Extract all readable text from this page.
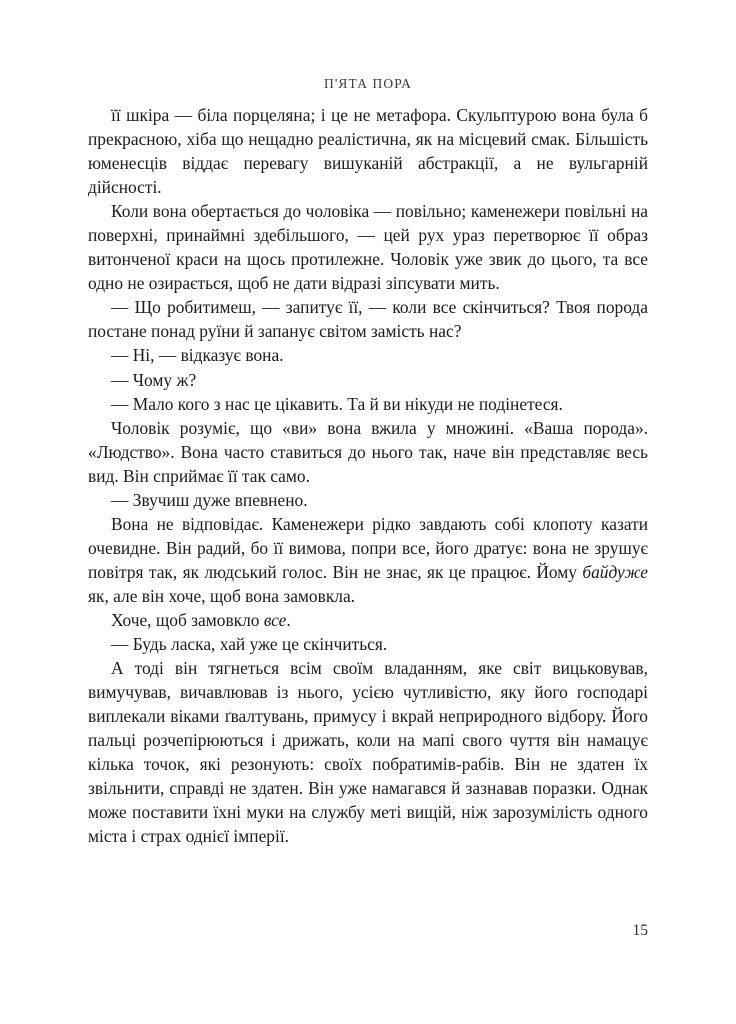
П'ЯТА ПОРА

її шкіра — біла порцеляна; і це не метафора. Скульптурою вона була б прекрасною, хіба що нещадно реалістична, як на місцевий смак. Більшість юменесців віддає перевагу вишуканій абстракції, а не вульгарній дійсності.

Коли вона обертається до чоловіка — повільно; каменежери повільні на поверхні, принаймні здебільшого, — цей рух ураз перетворює її образ витонченої краси на щось протилежне. Чоловік уже звик до цього, та все одно не озирається, щоб не дати відразі зіпсувати мить.

— Що робитимеш, — запитує її, — коли все скінчиться? Твоя порода постане понад руїни й запанує світом замість нас?

— Ні, — відказує вона.

— Чому ж?

— Мало кого з нас це цікавить. Та й ви нікуди не подінетеся.

Чоловік розуміє, що «ви» вона вжила у множині. «Ваша порода». «Людство». Вона часто ставиться до нього так, наче він представляє весь вид. Він сприймає її так само.

— Звучиш дуже впевнено.

Вона не відповідає. Каменежери рідко завдають собі клопоту казати очевидне. Він радий, бо її вимова, попри все, його дратує: вона не зрушує повітря так, як людський голос. Він не знає, як це працює. Йому байдуже як, але він хоче, щоб вона замовкла.

Хоче, щоб замовкло все.

— Будь ласка, хай уже це скінчиться.

А тоді він тягнеться всім своїм владанням, яке світ вицьковував, вимучував, вичавлював із нього, усією чутливістю, яку його господарі виплекали віками ґвалтувань, примусу і вкрай неприродного відбору. Його пальці розчепірюються і дрижать, коли на мапі свого чуття він намацує кілька точок, які резонують: своїх побратимів-рабів. Він не здатен їх звільнити, справді не здатен. Він уже намагався й зазнавав поразки. Однак може поставити їхні муки на службу меті вищій, ніж зарозумілість одного міста і страх однієї імперії.

15
